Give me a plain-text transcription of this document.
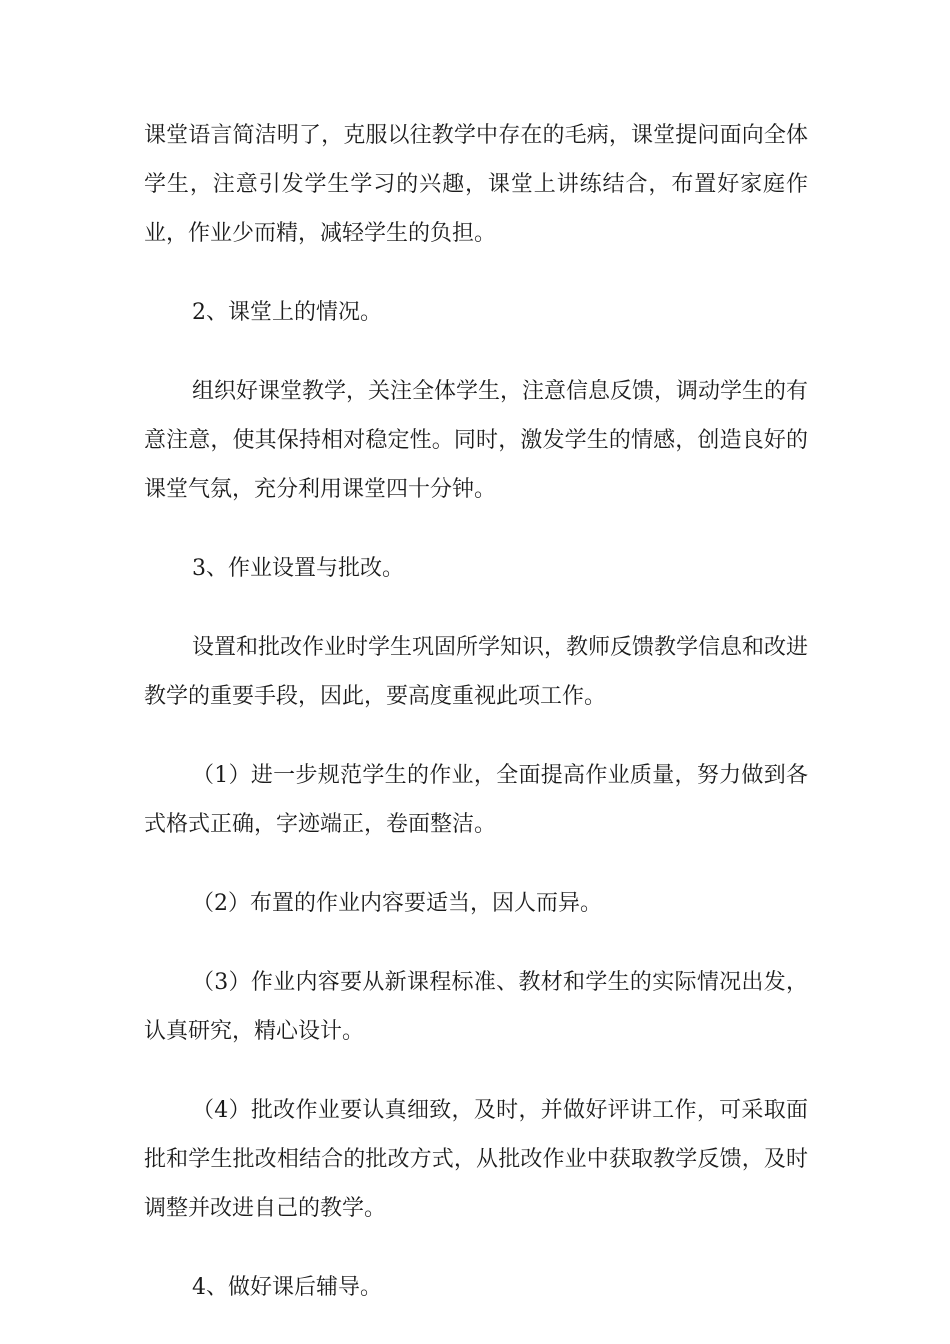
课堂语言简洁明了，克服以往教学中存在的毛病，课堂提问面向全体学生，注意引发学生学习的兴趣，课堂上讲练结合，布置好家庭作业，作业少而精，减轻学生的负担。

2、课堂上的情况。

组织好课堂教学，关注全体学生，注意信息反馈，调动学生的有意注意，使其保持相对稳定性。同时，激发学生的情感，创造良好的课堂气氛，充分利用课堂四十分钟。

3、作业设置与批改。

设置和批改作业时学生巩固所学知识，教师反馈教学信息和改进教学的重要手段，因此，要高度重视此项工作。

（1）进一步规范学生的作业，全面提高作业质量，努力做到各式格式正确，字迹端正，卷面整洁。

（2）布置的作业内容要适当，因人而异。

（3）作业内容要从新课程标准、教材和学生的实际情况出发，认真研究，精心设计。

（4）批改作业要认真细致，及时，并做好评讲工作，可采取面批和学生批改相结合的批改方式，从批改作业中获取教学反馈，及时调整并改进自己的教学。

4、做好课后辅导。
